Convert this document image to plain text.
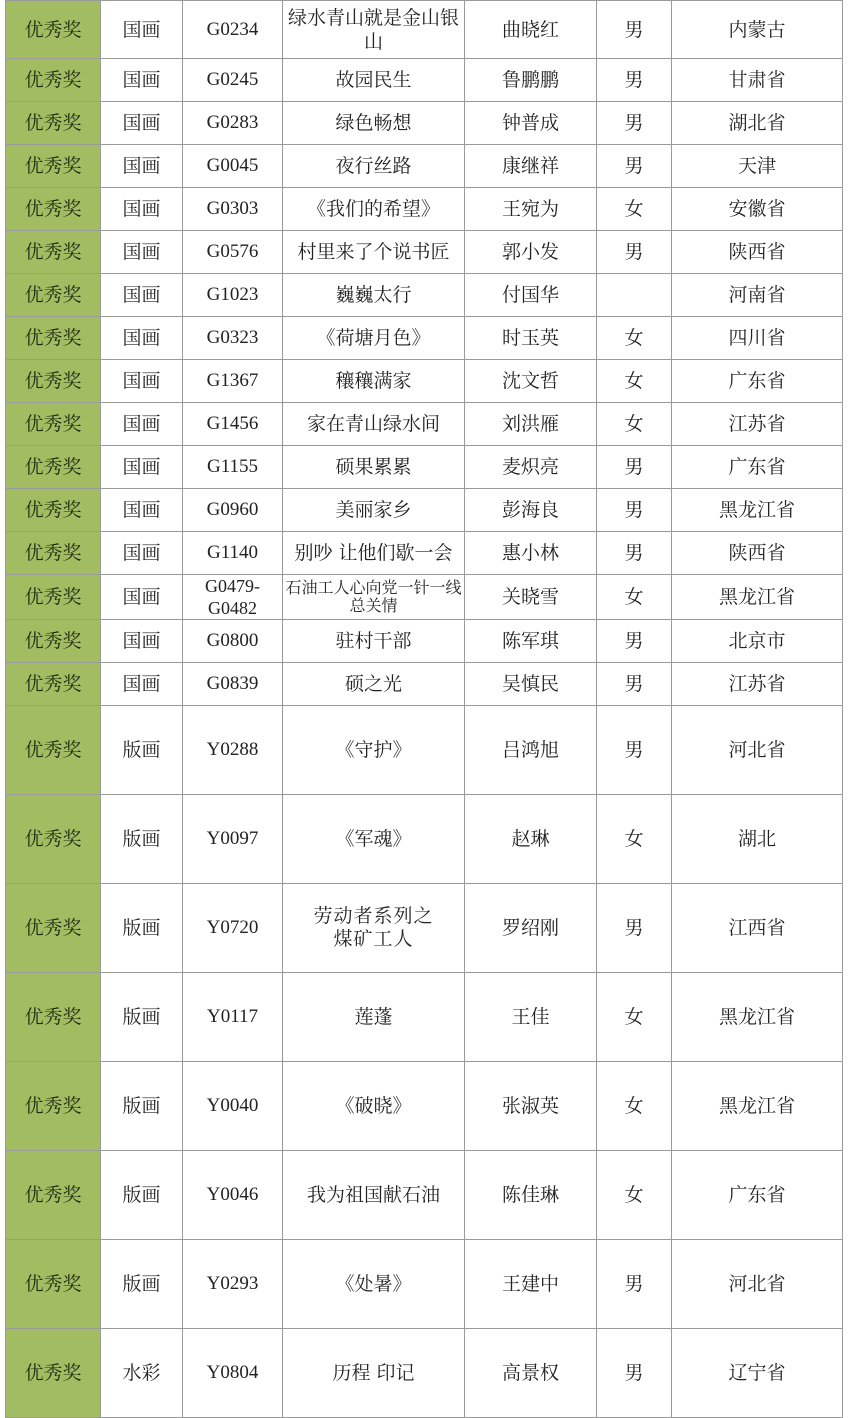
优秀奖	国画	G0234	绿水青山就是金山银山	曲晓红	男	内蒙古
优秀奖	国画	G0245	故园民生	鲁鹏鹏	男	甘肃省
优秀奖	国画	G0283	绿色畅想	钟普成	男	湖北省
优秀奖	国画	G0045	夜行丝路	康继祥	男	天津
优秀奖	国画	G0303	《我们的希望》	王宛为	女	安徽省
优秀奖	国画	G0576	村里来了个说书匠	郭小发	男	陕西省
优秀奖	国画	G1023	巍巍太行	付国华		河南省
优秀奖	国画	G0323	《荷塘月色》	时玉英	女	四川省
优秀奖	国画	G1367	穰穰满家	沈文哲	女	广东省
优秀奖	国画	G1456	家在青山绿水间	刘洪雁	女	江苏省
优秀奖	国画	G1155	硕果累累	麦炽亮	男	广东省
优秀奖	国画	G0960	美丽家乡	彭海良	男	黑龙江省
优秀奖	国画	G1140	别吵 让他们歇一会	惠小林	男	陕西省
优秀奖	国画	G0479-G0482	石油工人心向党一针一线总关情	关晓雪	女	黑龙江省
优秀奖	国画	G0800	驻村干部	陈军琪	男	北京市
优秀奖	国画	G0839	硕之光	吴慎民	男	江苏省
优秀奖	版画	Y0288	《守护》	吕鸿旭	男	河北省
优秀奖	版画	Y0097	《军魂》	赵琳	女	湖北
优秀奖	版画	Y0720	劳动者系列之煤矿工人	罗绍刚	男	江西省
优秀奖	版画	Y0117	莲蓬	王佳	女	黑龙江省
优秀奖	版画	Y0040	《破晓》	张淑英	女	黑龙江省
优秀奖	版画	Y0046	我为祖国献石油	陈佳琳	女	广东省
优秀奖	版画	Y0293	《处暑》	王建中	男	河北省
优秀奖	水彩	Y0804	历程 印记	高景权	男	辽宁省
